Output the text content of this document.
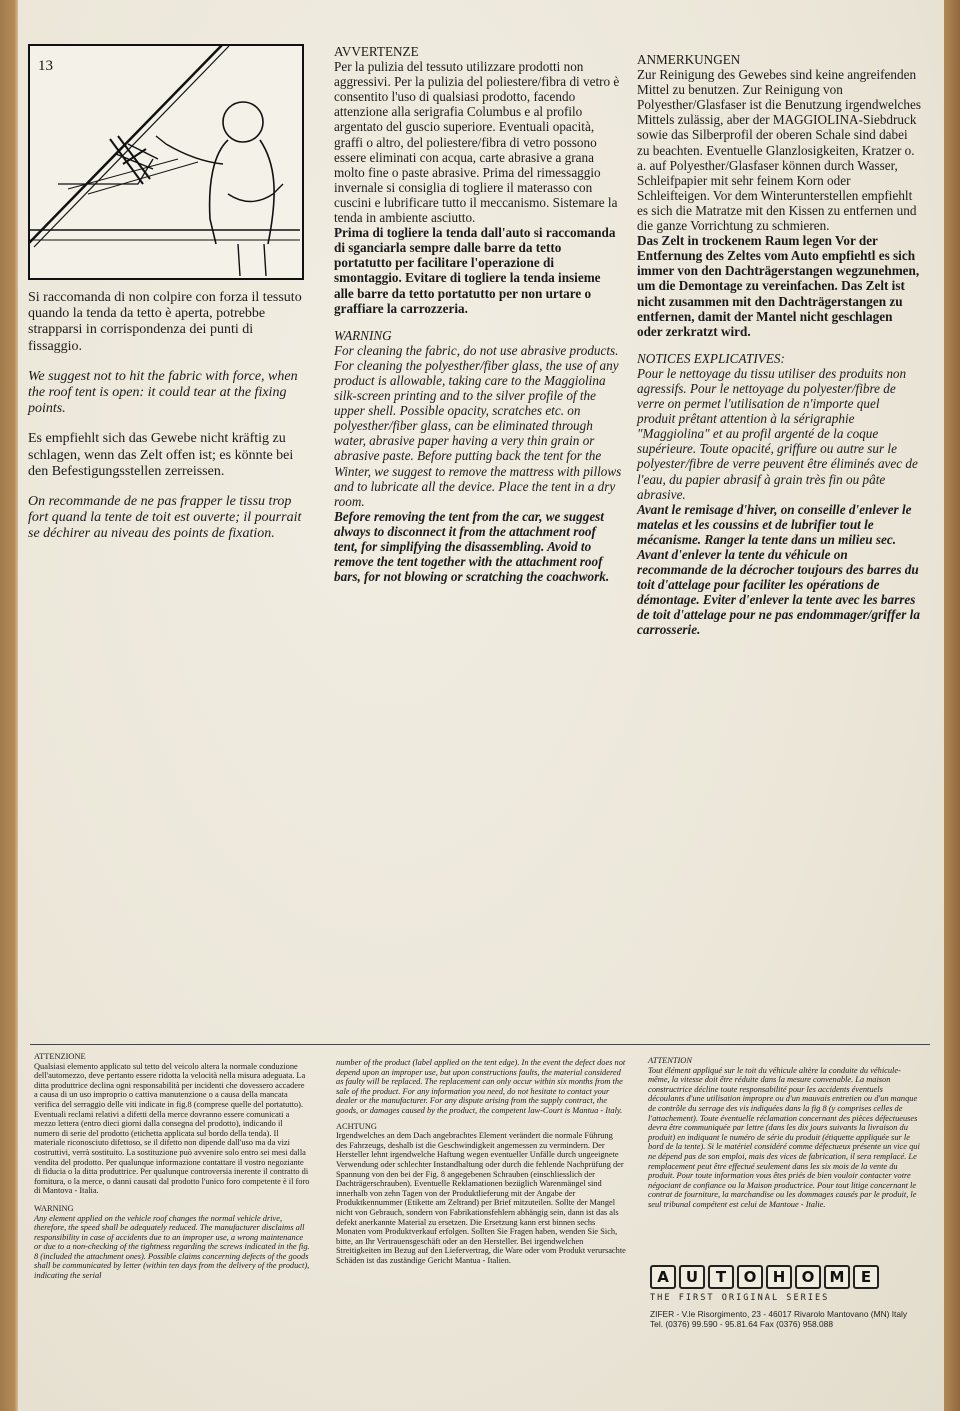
13

Si raccomanda di non colpire con forza il tessuto quando la tenda da tetto è aperta, potrebbe strapparsi in corrispondenza dei punti di fissaggio.

We suggest not to hit the fabric with force, when the roof tent is open: it could tear at the fixing points.

Es empfiehlt sich das Gewebe nicht kräftig zu schlagen, wenn das Zelt offen ist; es könnte bei den Befestigungsstellen zerreissen.

On recommande de ne pas frapper le tissu trop fort quand la tente de toit est ouverte; il pourrait se déchirer au niveau des points de fixation.

AVVERTENZE

Per la pulizia del tessuto utilizzare prodotti non aggressivi. Per la pulizia del poliestere/fibra di vetro è consentito l'uso di qualsiasi prodotto, facendo attenzione alla serigrafia Columbus e al profilo argentato del guscio superiore. Eventuali opacità, graffi o altro, del poliestere/fibra di vetro possono essere eliminati con acqua, carte abrasive a grana molto fine o paste abrasive. Prima del rimessaggio invernale si consiglia di togliere il materasso con cuscini e lubrificare tutto il meccanismo. Sistemare la tenda in ambiente asciutto.

Prima di togliere la tenda dall'auto si raccomanda di sganciarla sempre dalle barre da tetto portatutto per facilitare l'operazione di smontaggio. Evitare di togliere la tenda insieme alle barre da tetto portatutto per non urtare o graffiare la carrozzeria.

WARNING

For cleaning the fabric, do not use abrasive products. For cleaning the polyesther/fiber glass, the use of any product is allowable, taking care to the Maggiolina silk-screen printing and to the silver profile of the upper shell. Possible opacity, scratches etc. on polyesther/fiber glass, can be eliminated through water, abrasive paper having a very thin grain or abrasive paste. Before putting back the tent for the Winter, we suggest to remove the mattress with pillows and to lubricate all the device. Place the tent in a dry room.

Before removing the tent from the car, we suggest always to disconnect it from the attachment roof tent, for simplifying the disassembling. Avoid to remove the tent together with the attachment roof bars, for not blowing or scratching the coachwork.

ANMERKUNGEN

Zur Reinigung des Gewebes sind keine angreifenden Mittel zu benutzen. Zur Reinigung von Polyesther/Glasfaser ist die Benutzung irgendwelches Mittels zulässig, aber der MAGGIOLINA-Siebdruck sowie das Silberprofil der oberen Schale sind dabei zu beachten. Eventuelle Glanzlosigkeiten, Kratzer o. a. auf Polyesther/Glasfaser können durch Wasser, Schleifpapier mit sehr feinem Korn oder Schleifteigen. Vor dem Winterunterstellen empfiehlt es sich die Matratze mit den Kissen zu entfernen und die ganze Vorrichtung zu schmieren.

Das Zelt in trockenem Raum legen Vor der Entfernung des Zeltes vom Auto empfiehtl es sich immer von den Dachträgerstangen wegzunehmen, um die Demontage zu vereinfachen. Das Zelt ist nicht zusammen mit den Dachträgerstangen zu entfernen, damit der Mantel nicht geschlagen oder zerkratzt wird.

NOTICES EXPLICATIVES:

Pour le nettoyage du tissu utiliser des produits non agressifs. Pour le nettoyage du polyester/fibre de verre on permet l'utilisation de n'importe quel produit prêtant attention à la sérigraphie "Maggiolina" et au profil argenté de la coque supérieure. Toute opacité, griffure ou autre sur le polyester/fibre de verre peuvent être éliminés avec de l'eau, du papier abrasif à grain très fin ou pâte abrasive.

Avant le remisage d'hiver, on conseille d'enlever le matelas et les coussins et de lubrifier tout le mécanisme. Ranger la tente dans un milieu sec. Avant d'enlever la tente du véhicule on recommande de la décrocher toujours des barres du toit d'attelage pour faciliter les opérations de démontage. Eviter d'enlever la tente avec les barres de toit d'attelage pour ne pas endommager/griffer la carrosserie.

ATTENZIONE

Qualsiasi elemento applicato sul tetto del veicolo altera la normale conduzione dell'automezzo, deve pertanto essere ridotta la velocità nella misura adeguata. La ditta produttrice declina ogni responsabilità per incidenti che dovessero accadere a causa di un uso improprio o cattiva manutenzione o a causa della mancata verifica del serraggio delle viti indicate in fig.8 (comprese quelle del portatutto). Eventuali reclami relativi a difetti della merce dovranno essere comunicati a mezzo lettera (entro dieci giorni dalla consegna del prodotto), indicando il numero di serie del prodotto (etichetta applicata sul bordo della tenda). Il materiale riconosciuto difettoso, se il difetto non dipende dall'uso ma da vizi costruttivi, verrà sostituito. La sostituzione può avvenire solo entro sei mesi dalla vendita del prodotto. Per qualunque informazione contattare il vostro negoziante di fiducia o la ditta produttrice. Per qualunque controversia inerente il contratto di fornitura, o la merce, o danni causati dal prodotto l'unico foro competente è il foro di Mantova - Italia.

WARNING

Any element applied on the vehicle roof changes the normal vehicle drive, therefore, the speed shall be adequately reduced. The manufacturer disclaims all responsibility in case of accidents due to an improper use, a wrong maintenance or due to a non-checking of the tightness regarding the screws indicated in the fig. 8 (included the attachment ones). Possible claims concerning defects of the goods shall be communicated by letter (within ten days from the delivery of the product), indicating the serial

number of the product (label applied on the tent edge). In the event the defect does not depend upon an improper use, but upon constructions faults, the material considered as faulty will be replaced. The replacement can only occur within six months from the sale of the product. For any information you need, do not hesitate to contact your dealer or the manufacturer. For any dispute arising from the supply contract, the goods, or damages caused by the product, the competent law-Court is Mantua - Italy.

ACHTUNG

Irgendwelches an dem Dach angebrachtes Element verändert die normale Führung des Fahrzeugs, deshalb ist die Geschwindigkeit angemessen zu vermindern. Der Hersteller lehnt irgendwelche Haftung wegen eventueller Unfälle durch ungeeignete Verwendung oder schlechter Instandhaltung oder durch die fehlende Nachprüfung der Spannung von den bei der Fig. 8 angegebenen Schrauben (einschliesslich der Dachträgerschrauben). Eventuelle Reklamationen bezüglich Warenmängel sind innerhalb von zehn Tagen von der Produktlieferung mit der Angabe der Produktkennummer (Etikette am Zeltrand) per Brief mitzuteilen. Sollte der Mangel nicht von Gebrauch, sondern von Fabrikationsfehlern abhängig sein, dann ist das als defekt anerkannte Material zu ersetzen. Die Ersetzung kann erst binnen sechs Monaten vom Produktverkauf erfolgen. Sollten Sie Fragen haben, wenden Sie Sich, bitte, an Ihr Vertrauensgeschäft oder an den Hersteller. Bei irgendwelchen Streitigkeiten im Bezug auf den Liefervertrag, die Ware oder vom Produkt verursachte Schäden ist das zuständige Gericht Mantua - Italien.

ATTENTION

Tout élément appliqué sur le toit du véhicule altère la conduite du véhicule-même, la vitesse doit être réduite dans la mesure convenable. La maison constructrice décline toute responsabilité pour les accidents éventuels découlants d'une utilisation impropre ou d'un mauvais entretien ou d'un manque de contrôle du serrage des vis indiquées dans la fig 8 (y comprises celles de l'attachement). Toute éventuelle réclamation concernant des pièces défectueuses devra être communiquée par lettre (dans les dix jours suivants la livraison du produit) en indiquant le numéro de série du produit (étiquette appliquée sur le bord de la tente). Si le matériel considéré comme défectueux présente un vice qui ne dépend pas de son emploi, mais des vices de fabrication, il sera remplacé. Le remplacement peut être effectué seulement dans les six mois de la vente du produit. Pour toute information vous êtes priés de bien vouloir contacter votre négociant de confiance ou la Maison productrice. Pour tout litige concernant le contrat de fourniture, la marchandise ou les dommages causés par le produit, le seul tribunal compétent est celui de Mantoue - Italie.

A	U	T	O	H	O	M	E
THE FIRST ORIGINAL SERIES
ZIFER - V.le Risorgimento, 23 - 46017 Rivarolo Mantovano (MN) Italy
Tel. (0376) 99.590 - 95.81.64 Fax (0376) 958.088
